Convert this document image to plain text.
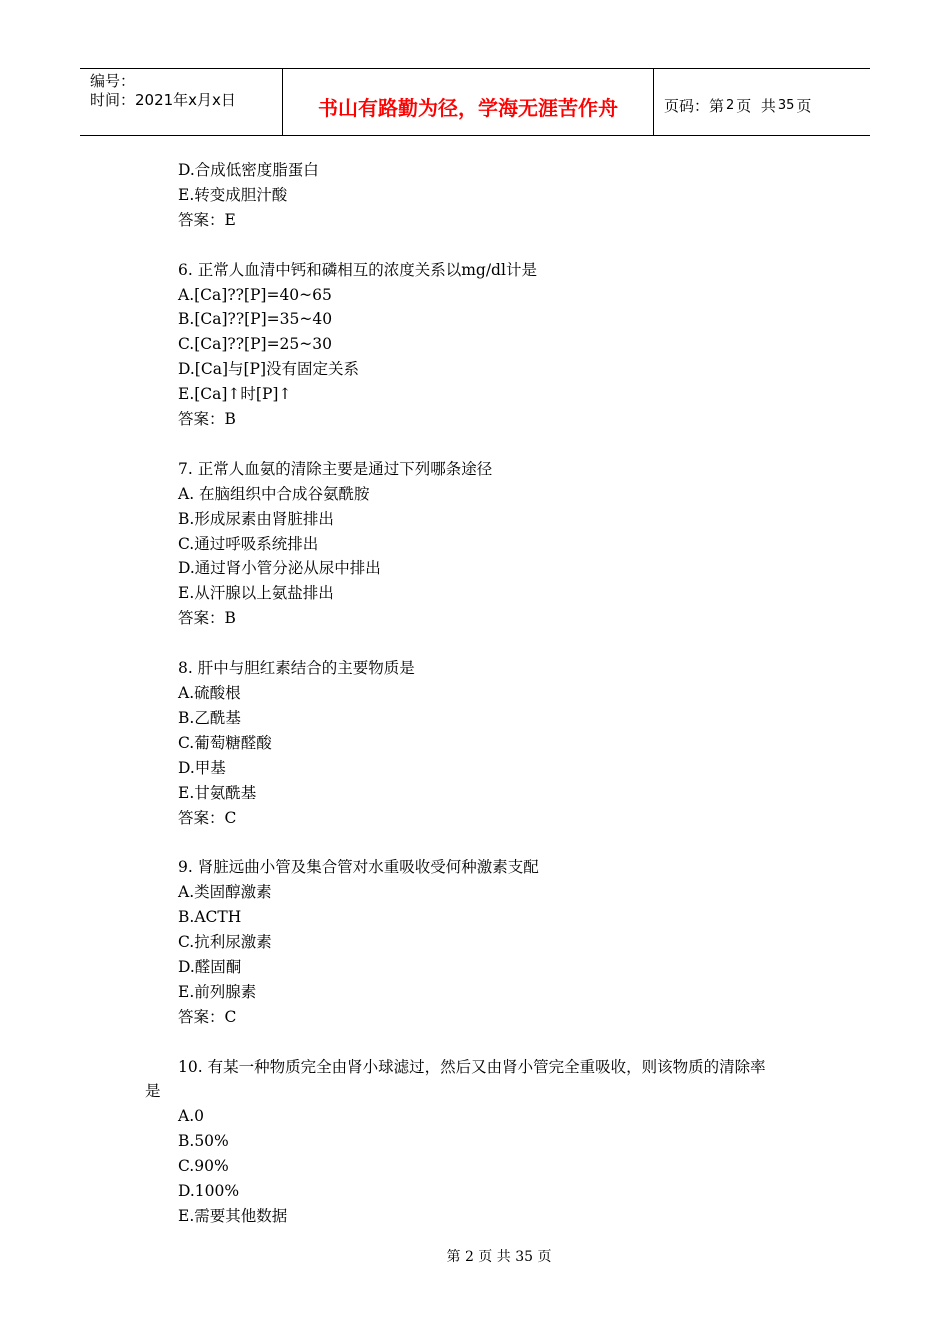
编号：
时间：2021年x月x日	书山有路勤为径，学海无涯苦作舟	页码：第 2 页  共 35 页
D.合成低密度脂蛋白
E.转变成胆汁酸
答案：E
6. 正常人血清中钙和磷相互的浓度关系以mg/dl计是
A.[Ca]??[P]=40~65
B.[Ca]??[P]=35~40
C.[Ca]??[P]=25~30
D.[Ca]与[P]没有固定关系
E.[Ca]↑时[P]↑
答案：B
7. 正常人血氨的清除主要是通过下列哪条途径
A. 在脑组织中合成谷氨酰胺
B.形成尿素由肾脏排出
C.通过呼吸系统排出
D.通过肾小管分泌从尿中排出
E.从汗腺以上氨盐排出
答案：B
8. 肝中与胆红素结合的主要物质是
A.硫酸根
B.乙酰基
C.葡萄糖醛酸
D.甲基
E.甘氨酰基
答案：C
9. 肾脏远曲小管及集合管对水重吸收受何种激素支配
A.类固醇激素
B.ACTH
C.抗利尿激素
D.醛固酮
E.前列腺素
答案：C
10. 有某一种物质完全由肾小球滤过，然后又由肾小管完全重吸收，则该物质的清除率
是
A.0
B.50%
C.90%
D.100%
E.需要其他数据
第 2 页 共 35 页
